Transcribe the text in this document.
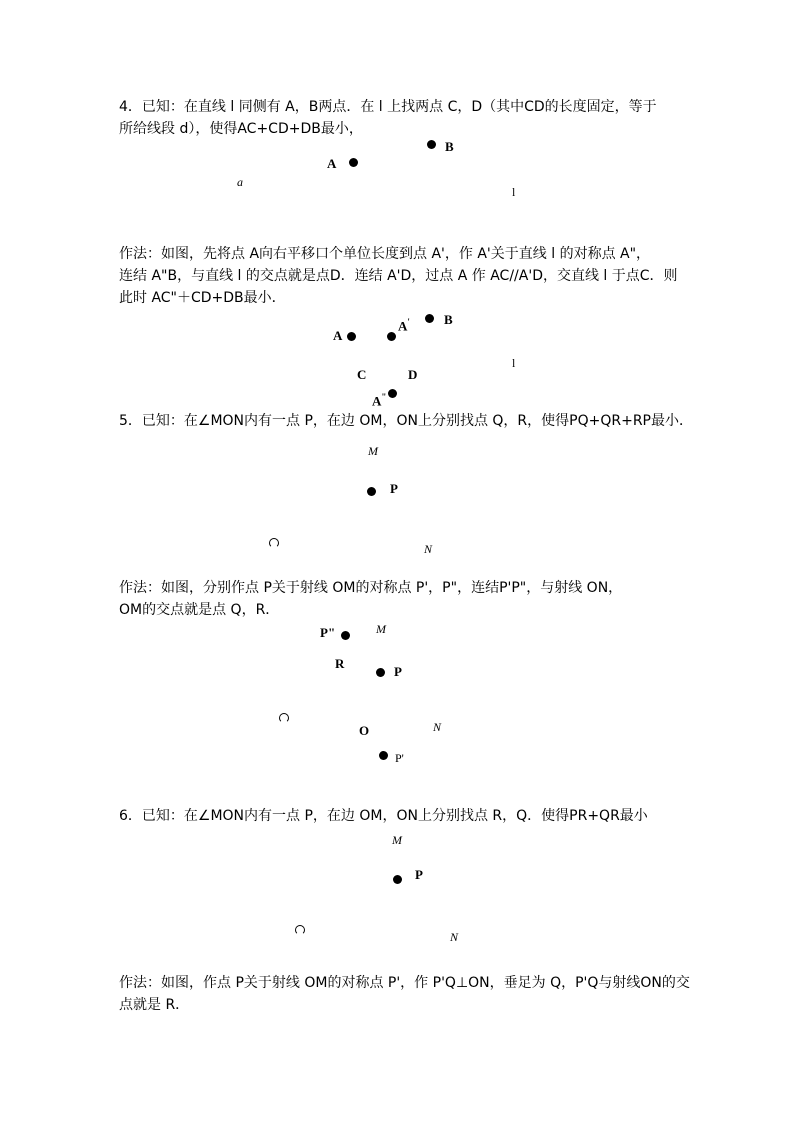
4．已知：在直线 l 同侧有 A，B两点．在 l 上找两点 C，D（其中CD的长度固定，等于
所给线段 d），使得AC+CD+DB最小，
A
B
a
l
作法：如图，先将点 A向右平移口个单位长度到点 A'，作 A'关于直线 l 的对称点 A"，
连结 A"B，与直线 l 的交点就是点D．连结 A'D，过点 A 作 AC//A'D，交直线 l 于点C．则
此时 AC"＋CD+DB最小．
A
A'	B
l
C	D
A"
5．已知：在∠MON内有一点 P，在边 OM，ON上分别找点 Q，R，使得PQ+QR+RP最小．
M
P
N
作法：如图，分别作点 P关于射线 OM的对称点 P'，P"，连结P'P"，与射线 ON，
OM的交点就是点 Q，R．
P"	M
R
P
O	N
P'
6．已知：在∠MON内有一点 P，在边 OM，ON上分别找点 R，Q．使得PR+QR最小
M
P
N
作法：如图，作点 P关于射线 OM的对称点 P'，作 P'Q⊥ON，垂足为 Q，P'Q与射线ON的交
点就是 R．
